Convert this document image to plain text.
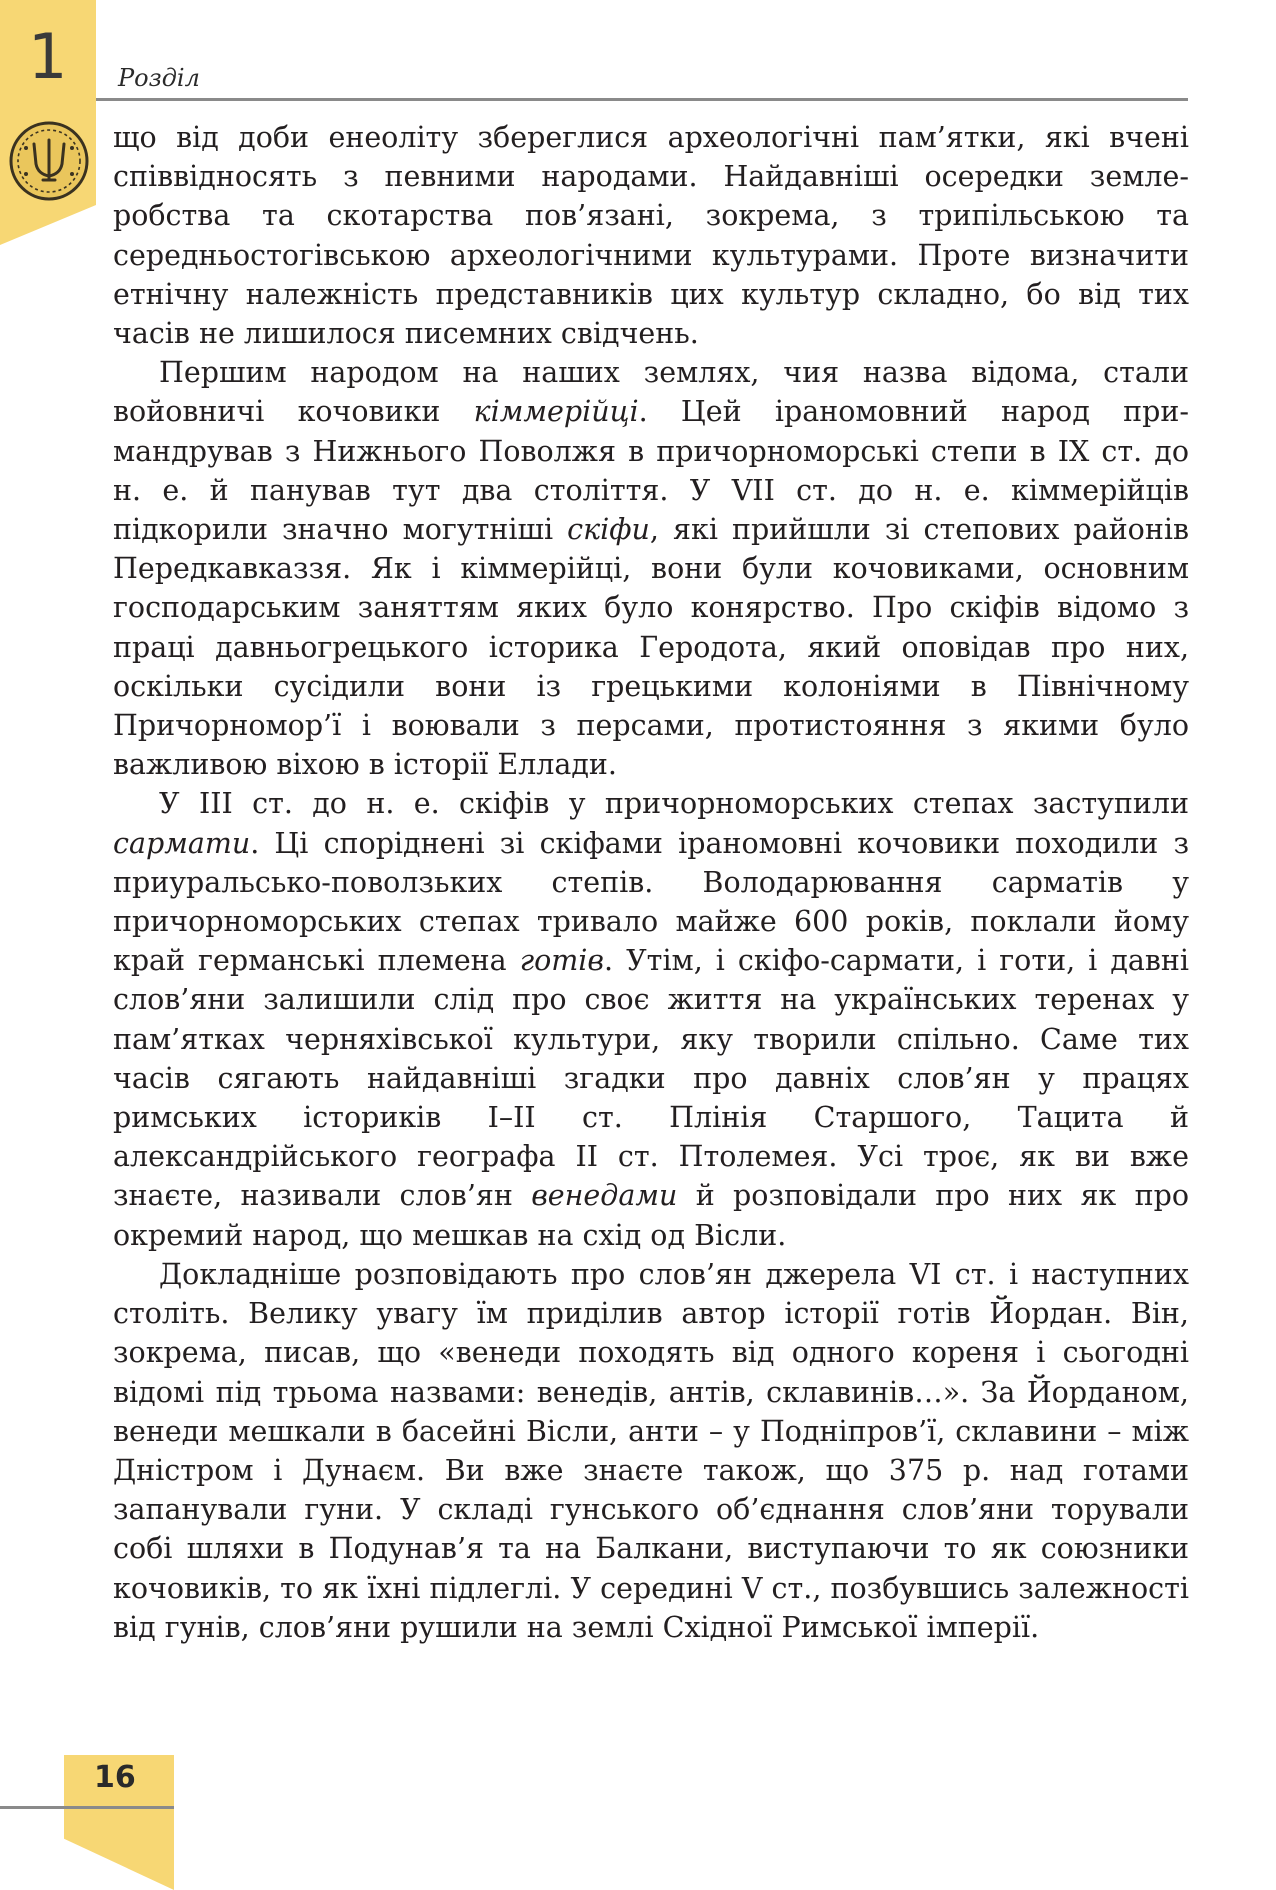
1 Розділ

що від доби енеоліту збереглися археологічні пам’ятки, які вчені співвідносять з певними народами. Найдавніші осередки землеробства та скотарства пов’язані, зокрема, з трипільською та середньостогівською археологічними культурами. Проте визначити етнічну належність представників цих культур складно, бо від тих часів не лишилося писемних свідчень.

Першим народом на наших землях, чия назва відома, стали войовничі кочовики кіммерійці. Цей іраномовний народ примандрував з Нижнього Поволжя в причорноморські степи в IX ст. до н. е. й панував тут два століття. У VII ст. до н. е. кіммерійців підкорили значно могутніші скіфи, які прийшли зі степових районів Передкавказзя. Як і кіммерійці, вони були кочовиками, основним господарським заняттям яких було конярство. Про скіфів відомо з праці давньогрецького історика Геродота, який оповідав про них, оскільки сусідили вони із грецькими колоніями в Північному Причорномор’ї і воювали з персами, протистояння з якими було важливою віхою в історії Еллади.

У III ст. до н. е. скіфів у причорноморських степах заступили сармати. Ці споріднені зі скіфами іраномовні кочовики походили з приуральсько-поволзьких степів. Володарювання сарматів у причорноморських степах тривало майже 600 років, поклали йому край германські племена готів. Утім, і скіфо-сармати, і готи, і давні слов’яни залишили слід про своє життя на українських теренах у пам’ятках черняхівської культури, яку творили спільно. Саме тих часів сягають найдавніші згадки про давніх слов’ян у працях римських істориків I–II ст. Плінія Старшого, Тацита й александрійського географа II ст. Птолемея. Усі троє, як ви вже знаєте, називали слов’ян венедами й розповідали про них як про окремий народ, що мешкав на схід од Вісли.

Докладніше розповідають про слов’ян джерела VI ст. і наступних століть. Велику увагу їм приділив автор історії готів Йордан. Він, зокрема, писав, що «венеди походять від одного кореня і сьогодні відомі під трьома назвами: венедів, антів, склавинів…». За Йорданом, венеди мешкали в басейні Вісли, анти – у Подніпров’ї, склавини – між Дністром і Дунаєм. Ви вже знаєте також, що 375 р. над готами запанували гуни. У складі гунського об’єднання слов’яни торували собі шляхи в Подунав’я та на Балкани, виступаючи то як союзники кочовиків, то як їхні підлеглі. У середині V ст., позбувшись залежності від гунів, слов’яни рушили на землі Східної Римської імперії.

16
